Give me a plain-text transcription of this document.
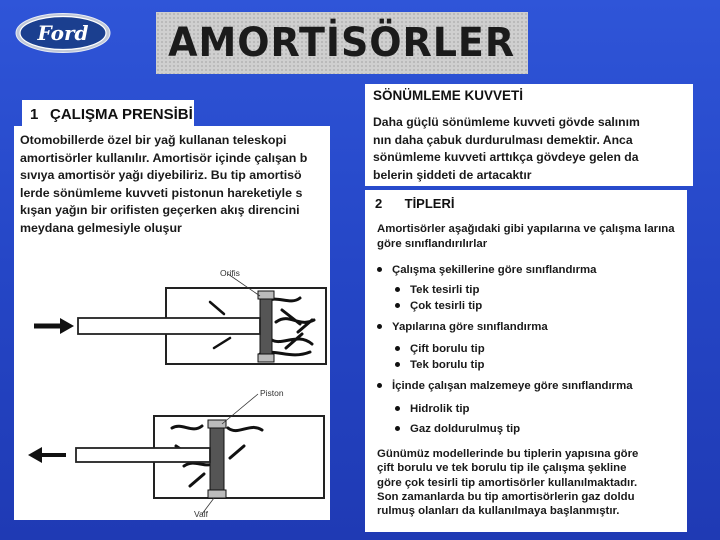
Ford AMORTİSÖRLER
1 ÇALIŞMA PRENSİBİ
Otomobillerde özel bir yağ kullanan teleskopi
amortisörler kullanılır. Amortisör içinde çalışan b
sıvıya amortisör yağı diyebiliriz. Bu tip amortisö
lerde sönümleme kuvveti pistonun hareketiyle s
kışan yağın bir orifisten geçerken akış direncini
meydana gelmesiyle oluşur
Orifis
Piston
Valf
SÖNÜMLEME KUVVETİ
Daha güçlü sönümleme kuvveti gövde salınım
nın daha çabuk durdurulması demektir. Anca
sönümleme kuvveti arttıkça gövdeye gelen da
belerin şiddeti de artacaktır
2 TİPLERİ
Amortisörler aşağıdaki gibi yapılarına ve çalışma larına göre sınıflandırılırlar
Çalışma şekillerine göre sınıflandırma
Tek tesirli tip
Çok tesirli tip
Yapılarına göre sınıflandırma
Çift borulu tip
Tek borulu tip
İçinde çalışan malzemeye göre sınıflandırma
Hidrolik tip
Gaz doldurulmuş tip
Günümüz modellerinde bu tiplerin yapısına göre
çift borulu ve tek borulu tip ile çalışma şekline
göre çok tesirli tip amortisörler kullanılmaktadır.
Son zamanlarda bu tip amortisörlerin gaz doldu
rulmuş olanları da kullanılmaya başlanmıştır.
